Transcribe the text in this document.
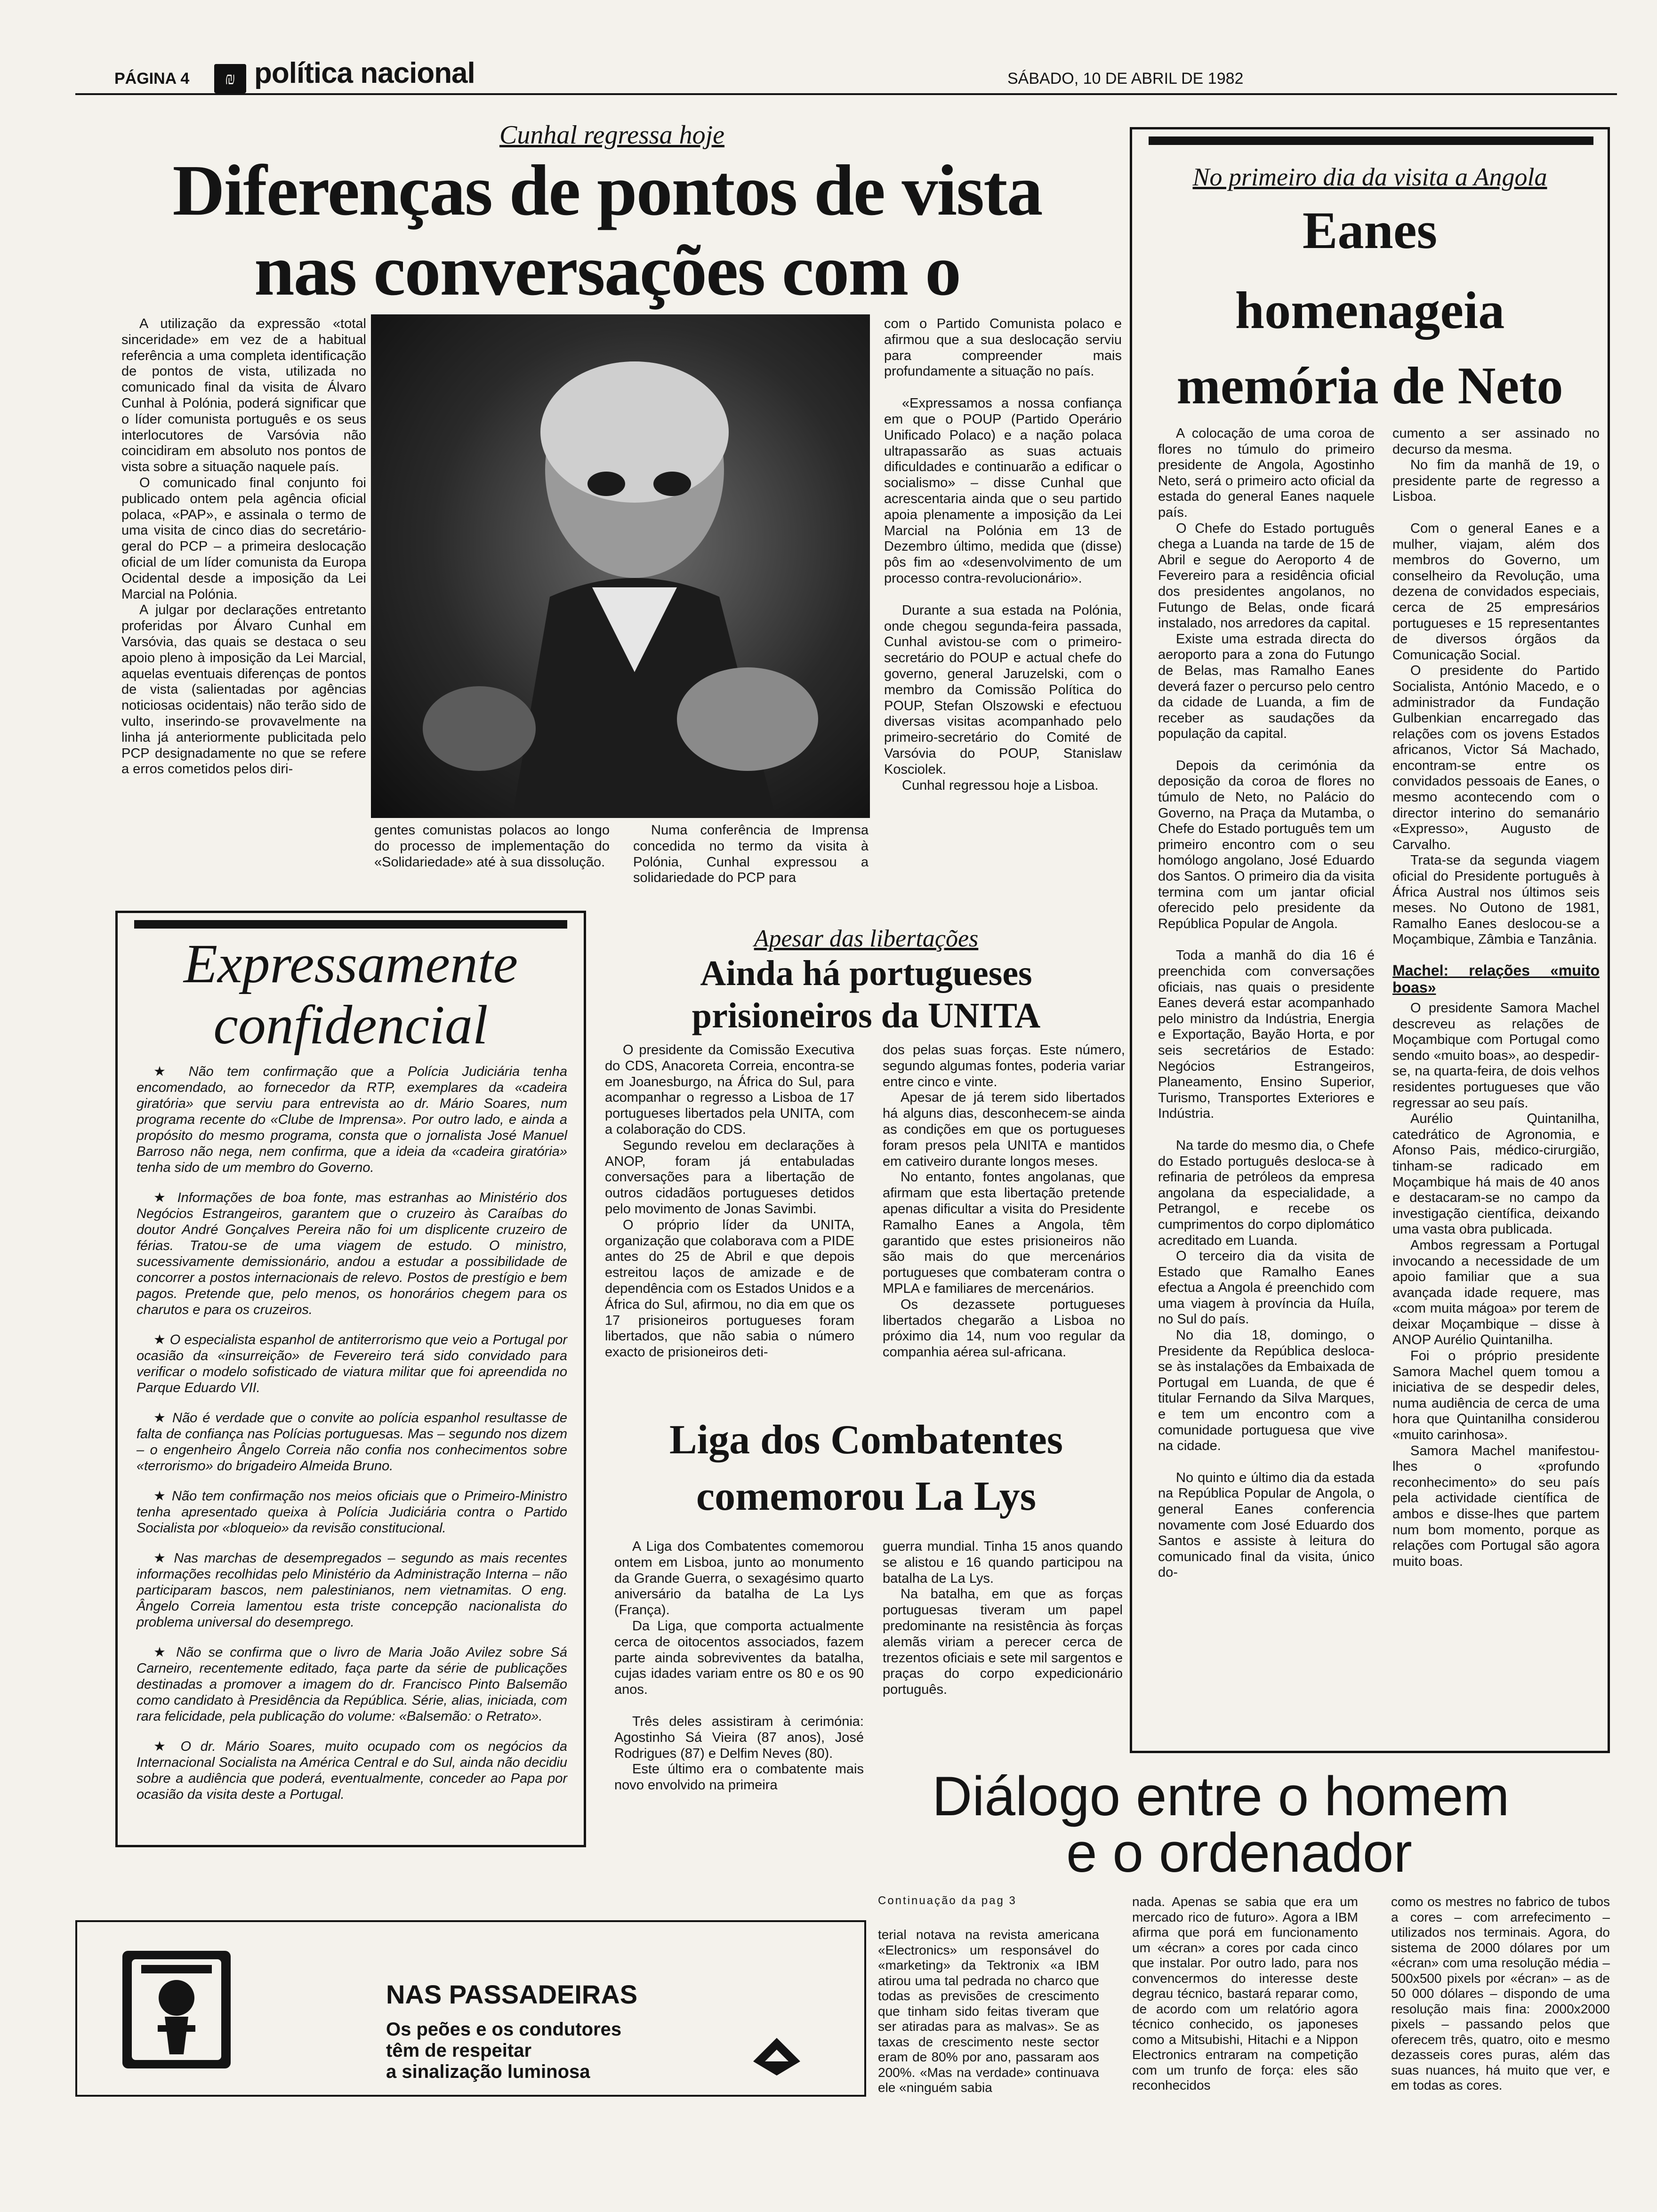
PÁGINA 4	₪ política nacional	SÁBADO, 10 DE ABRIL DE 1982
Cunhal regressa hoje
Diferenças de pontos de vista
nas conversações com o

A utilização da expressão «total sinceridade» em vez de a habitual referência a uma completa identificação de pontos de vista, utilizada no comunicado final da visita de Álvaro Cunhal à Polónia, poderá significar que o líder comunista português e os seus interlocutores de Varsóvia não coincidiram em absoluto nos pontos de vista sobre a situação naquele país.

O comunicado final conjunto foi publicado ontem pela agência oficial polaca, «PAP», e assinala o termo de uma visita de cinco dias do secretário-geral do PCP – a primeira deslocação oficial de um líder comunista da Europa Ocidental desde a imposição da Lei Marcial na Polónia.

A julgar por declarações entretanto proferidas por Álvaro Cunhal em Varsóvia, das quais se destaca o seu apoio pleno à imposição da Lei Marcial, aquelas eventuais diferenças de pontos de vista (salientadas por agências noticiosas ocidentais) não terão sido de vulto, inserindo-se provavelmente na linha já anteriormente publicitada pelo PCP designadamente no que se refere a erros cometidos pelos diri-

gentes comunistas polacos ao longo do processo de implementação do «Solidariedade» até à sua dissolução.

Numa conferência de Imprensa concedida no termo da visita à Polónia, Cunhal expressou a solidariedade do PCP para

com o Partido Comunista polaco e afirmou que a sua deslocação serviu para compreender mais profundamente a situação no país.

«Expressamos a nossa confiança em que o POUP (Partido Operário Unificado Polaco) e a nação polaca ultrapassarão as suas actuais dificuldades e continuarão a edificar o socialismo» – disse Cunhal que acrescentaria ainda que o seu partido apoia plenamente a imposição da Lei Marcial na Polónia em 13 de Dezembro último, medida que (disse) pôs fim ao «desenvolvimento de um processo contra-revolucionário».

Durante a sua estada na Polónia, onde chegou segunda-feira passada, Cunhal avistou-se com o primeiro-secretário do POUP e actual chefe do governo, general Jaruzelski, com o membro da Comissão Política do POUP, Stefan Olszowski e efectuou diversas visitas acompanhado pelo primeiro-secretário do Comité de Varsóvia do POUP, Stanislaw Kosciolek.

Cunhal regressou hoje a Lisboa.

No primeiro dia da visita a Angola
Eanes
homenageia
memória de Neto

A colocação de uma coroa de flores no túmulo do primeiro presidente de Angola, Agostinho Neto, será o primeiro acto oficial da estada do general Eanes naquele país.

O Chefe do Estado português chega a Luanda na tarde de 15 de Abril e segue do Aeroporto 4 de Fevereiro para a residência oficial dos presidentes angolanos, no Futungo de Belas, onde ficará instalado, nos arredores da capital.

Existe uma estrada directa do aeroporto para a zona do Futungo de Belas, mas Ramalho Eanes deverá fazer o percurso pelo centro da cidade de Luanda, a fim de receber as saudações da população da capital.

Depois da cerimónia da deposição da coroa de flores no túmulo de Neto, no Palácio do Governo, na Praça da Mutamba, o Chefe do Estado português tem um primeiro encontro com o seu homólogo angolano, José Eduardo dos Santos. O primeiro dia da visita termina com um jantar oficial oferecido pelo presidente da República Popular de Angola.

Toda a manhã do dia 16 é preenchida com conversações oficiais, nas quais o presidente Eanes deverá estar acompanhado pelo ministro da Indústria, Energia e Exportação, Bayão Horta, e por seis secretários de Estado: Negócios Estrangeiros, Planeamento, Ensino Superior, Turismo, Transportes Exteriores e Indústria.

Na tarde do mesmo dia, o Chefe do Estado português desloca-se à refinaria de petróleos da empresa angolana da especialidade, a Petrangol, e recebe os cumprimentos do corpo diplomático acreditado em Luanda.

O terceiro dia da visita de Estado que Ramalho Eanes efectua a Angola é preenchido com uma viagem à província da Huíla, no Sul do país.

No dia 18, domingo, o Presidente da República desloca-se às instalações da Embaixada de Portugal em Luanda, de que é titular Fernando da Silva Marques, e tem um encontro com a comunidade portuguesa que vive na cidade.

No quinto e último dia da estada na República Popular de Angola, o general Eanes conferencia novamente com José Eduardo dos Santos e assiste à leitura do comunicado final da visita, único do-

cumento a ser assinado no decurso da mesma.

No fim da manhã de 19, o presidente parte de regresso a Lisboa.

Com o general Eanes e a mulher, viajam, além dos membros do Governo, um conselheiro da Revolução, uma dezena de convidados especiais, cerca de 25 empresários portugueses e 15 representantes de diversos órgãos da Comunicação Social.

O presidente do Partido Socialista, António Macedo, e o administrador da Fundação Gulbenkian encarregado das relações com os jovens Estados africanos, Victor Sá Machado, encontram-se entre os convidados pessoais de Eanes, o mesmo acontecendo com o director interino do semanário «Expresso», Augusto de Carvalho.

Trata-se da segunda viagem oficial do Presidente português à África Austral nos últimos seis meses. No Outono de 1981, Ramalho Eanes deslocou-se a Moçambique, Zâmbia e Tanzânia.

Machel: relações «muito boas»

O presidente Samora Machel descreveu as relações de Moçambique com Portugal como sendo «muito boas», ao despedir-se, na quarta-feira, de dois velhos residentes portugueses que vão regressar ao seu país.

Aurélio Quintanilha, catedrático de Agronomia, e Afonso Pais, médico-cirurgião, tinham-se radicado em Moçambique há mais de 40 anos e destacaram-se no campo da investigação científica, deixando uma vasta obra publicada.

Ambos regressam a Portugal invocando a necessidade de um apoio familiar que a sua avançada idade requere, mas «com muita mágoa» por terem de deixar Moçambique – disse à ANOP Aurélio Quintanilha.

Foi o próprio presidente Samora Machel quem tomou a iniciativa de se despedir deles, numa audiência de cerca de uma hora que Quintanilha considerou «muito carinhosa».

Samora Machel manifestou-lhes o «profundo reconhecimento» do seu país pela actividade científica de ambos e disse-lhes que partem num bom momento, porque as relações com Portugal são agora muito boas.

Expressamente
confidencial

★ Não tem confirmação que a Polícia Judiciária tenha encomendado, ao fornecedor da RTP, exemplares da «cadeira giratória» que serviu para entrevista ao dr. Mário Soares, num programa recente do «Clube de Imprensa». Por outro lado, e ainda a propósito do mesmo programa, consta que o jornalista José Manuel Barroso não nega, nem confirma, que a ideia da «cadeira giratória» tenha sido de um membro do Governo.

★ Informações de boa fonte, mas estranhas ao Ministério dos Negócios Estrangeiros, garantem que o cruzeiro às Caraíbas do doutor André Gonçalves Pereira não foi um displicente cruzeiro de férias. Tratou-se de uma viagem de estudo. O ministro, sucessivamente demissionário, andou a estudar a possibilidade de concorrer a postos internacionais de relevo. Postos de prestígio e bem pagos. Pretende que, pelo menos, os honorários chegem para os charutos e para os cruzeiros.

★ O especialista espanhol de antiterrorismo que veio a Portugal por ocasião da «insurreição» de Fevereiro terá sido convidado para verificar o modelo sofisticado de viatura militar que foi apreendida no Parque Eduardo VII.

★ Não é verdade que o convite ao polícia espanhol resultasse de falta de confiança nas Polícias portuguesas. Mas – segundo nos dizem – o engenheiro Ângelo Correia não confia nos conhecimentos sobre «terrorismo» do brigadeiro Almeida Bruno.

★ Não tem confirmação nos meios oficiais que o Primeiro-Ministro tenha apresentado queixa à Polícia Judiciária contra o Partido Socialista por «bloqueio» da revisão constitucional.

★ Nas marchas de desempregados – segundo as mais recentes informações recolhidas pelo Ministério da Administração Interna – não participaram bascos, nem palestinianos, nem vietnamitas. O eng. Ângelo Correia lamentou esta triste concepção nacionalista do problema universal do desemprego.

★ Não se confirma que o livro de Maria João Avilez sobre Sá Carneiro, recentemente editado, faça parte da série de publicações destinadas a promover a imagem do dr. Francisco Pinto Balsemão como candidato à Presidência da República. Série, alias, iniciada, com rara felicidade, pela publicação do volume: «Balsemão: o Retrato».

★ O dr. Mário Soares, muito ocupado com os negócios da Internacional Socialista na América Central e do Sul, ainda não decidiu sobre a audiência que poderá, eventualmente, conceder ao Papa por ocasião da visita deste a Portugal.

Apesar das libertações
Ainda há portugueses
prisioneiros da UNITA

O presidente da Comissão Executiva do CDS, Anacoreta Correia, encontra-se em Joanesburgo, na África do Sul, para acompanhar o regresso a Lisboa de 17 portugueses libertados pela UNITA, com a colaboração do CDS.

Segundo revelou em declarações à ANOP, foram já entabuladas conversações para a libertação de outros cidadãos portugueses detidos pelo movimento de Jonas Savimbi.

O próprio líder da UNITA, organização que colaborava com a PIDE antes do 25 de Abril e que depois estreitou laços de amizade e de dependência com os Estados Unidos e a África do Sul, afirmou, no dia em que os 17 prisioneiros portugueses foram libertados, que não sabia o número exacto de prisioneiros deti-

dos pelas suas forças. Este número, segundo algumas fontes, poderia variar entre cinco e vinte.

Apesar de já terem sido libertados há alguns dias, desconhecem-se ainda as condições em que os portugueses foram presos pela UNITA e mantidos em cativeiro durante longos meses.

No entanto, fontes angolanas, que afirmam que esta libertação pretende apenas dificultar a visita do Presidente Ramalho Eanes a Angola, têm garantido que estes prisioneiros não são mais do que mercenários portugueses que combateram contra o MPLA e familiares de mercenários.

Os dezassete portugueses libertados chegarão a Lisboa no próximo dia 14, num voo regular da companhia aérea sul-africana.

Liga dos Combatentes
comemorou La Lys

A Liga dos Combatentes comemorou ontem em Lisboa, junto ao monumento da Grande Guerra, o sexagésimo quarto aniversário da batalha de La Lys (França).

Da Liga, que comporta actualmente cerca de oitocentos associados, fazem parte ainda sobreviventes da batalha, cujas idades variam entre os 80 e os 90 anos.

Três deles assistiram à cerimónia: Agostinho Sá Vieira (87 anos), José Rodrigues (87) e Delfim Neves (80).

Este último era o combatente mais novo envolvido na primeira

guerra mundial. Tinha 15 anos quando se alistou e 16 quando participou na batalha de La Lys.

Na batalha, em que as forças portuguesas tiveram um papel predominante na resistência às forças alemãs viriam a perecer cerca de trezentos oficiais e sete mil sargentos e praças do corpo expedicionário português.

Diálogo entre o homem
e o ordenador
Continuação da pag 3

terial notava na revista americana «Electronics» um responsável do «marketing» da Tektronix «a IBM atirou uma tal pedrada no charco que todas as previsões de crescimento que tinham sido feitas tiveram que ser atiradas para as malvas». Se as taxas de crescimento neste sector eram de 80% por ano, passaram aos 200%. «Mas na verdade» continuava ele «ninguém sabia

nada. Apenas se sabia que era um mercado rico de futuro». Agora a IBM afirma que porá em funcionamento um «écran» a cores por cada cinco que instalar. Por outro lado, para nos convencermos do interesse deste degrau técnico, bastará reparar como, de acordo com um relatório agora técnico conhecido, os japoneses como a Mitsubishi, Hitachi e a Nippon Electronics entraram na competição com um trunfo de força: eles são reconhecidos

como os mestres no fabrico de tubos a cores – com arrefecimento – utilizados nos terminais. Agora, do sistema de 2000 dólares por um «écran» com uma resolução média – 500x500 pixels por «écran» – as de 50 000 dólares – dispondo de uma resolução mais fina: 2000x2000 pixels – passando pelos que oferecem três, quatro, oito e mesmo dezasseis cores puras, além das suas nuances, há muito que ver, e em todas as cores.

NAS PASSADEIRAS
Os peões e os condutores
têm de respeitar
a sinalização luminosa
